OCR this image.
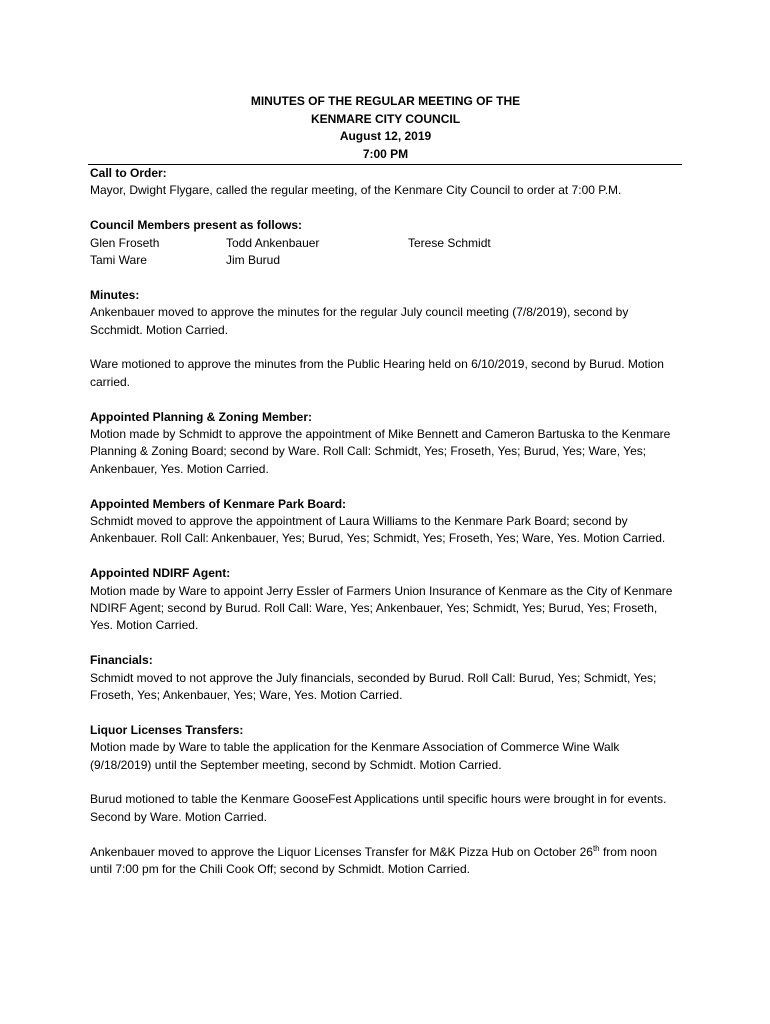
MINUTES OF THE REGULAR MEETING OF THE
KENMARE CITY COUNCIL
August 12, 2019
7:00 PM
Call to Order:

Mayor, Dwight Flygare, called the regular meeting, of the Kenmare City Council to order at 7:00 P.M.

Council Members present as follows:
Glen Froseth	Todd Ankenbauer	Terese Schmidt
Tami Ware	Jim Burud
Minutes:

Ankenbauer moved to approve the minutes for the regular July council meeting (7/8/2019), second by Scchmidt. Motion Carried.

Ware motioned to approve the minutes from the Public Hearing held on 6/10/2019, second by Burud. Motion carried.

Appointed Planning & Zoning Member:

Motion made by Schmidt to approve the appointment of Mike Bennett and Cameron Bartuska to the Kenmare Planning & Zoning Board; second by Ware. Roll Call: Schmidt, Yes; Froseth, Yes; Burud, Yes; Ware, Yes; Ankenbauer, Yes. Motion Carried.

Appointed Members of Kenmare Park Board:

Schmidt moved to approve the appointment of Laura Williams to the Kenmare Park Board; second by Ankenbauer. Roll Call: Ankenbauer, Yes; Burud, Yes; Schmidt, Yes; Froseth, Yes; Ware, Yes. Motion Carried.

Appointed NDIRF Agent:

Motion made by Ware to appoint Jerry Essler of Farmers Union Insurance of Kenmare as the City of Kenmare NDIRF Agent; second by Burud. Roll Call: Ware, Yes; Ankenbauer, Yes; Schmidt, Yes; Burud, Yes; Froseth, Yes. Motion Carried.

Financials:

Schmidt moved to not approve the July financials, seconded by Burud. Roll Call: Burud, Yes; Schmidt, Yes; Froseth, Yes; Ankenbauer, Yes; Ware, Yes. Motion Carried.

Liquor Licenses Transfers:

Motion made by Ware to table the application for the Kenmare Association of Commerce Wine Walk (9/18/2019) until the September meeting, second by Schmidt. Motion Carried.

Burud motioned to table the Kenmare GooseFest Applications until specific hours were brought in for events. Second by Ware. Motion Carried.

Ankenbauer moved to approve the Liquor Licenses Transfer for M&K Pizza Hub on October 26th from noon until 7:00 pm for the Chili Cook Off; second by Schmidt. Motion Carried.
